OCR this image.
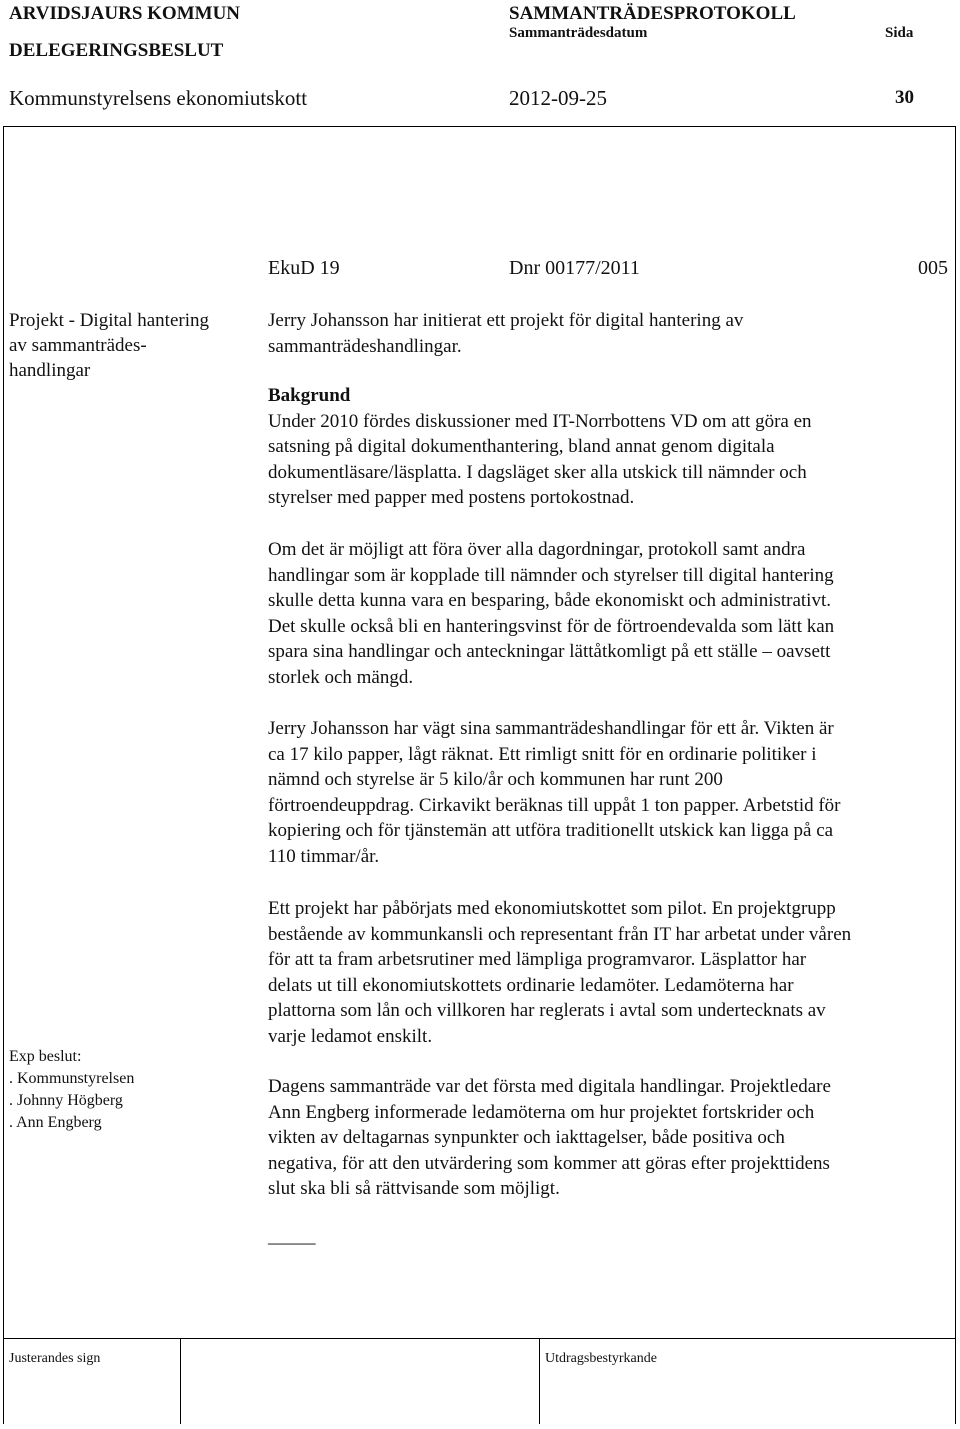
ARVIDSJAURS KOMMUN	SAMMANTRÄDESPROTOKOLL
DELEGERINGSBESLUT
Sammanträdesdatum	Sida
Kommunstyrelsens ekonomiutskott	2012-09-25	30
EkuD 19	Dnr 00177/2011	005
Projekt - Digital hantering
av sammanträdes-
handlingar
Exp beslut:
. Kommunstyrelsen
. Johnny Högberg
. Ann Engberg
Jerry Johansson har initierat ett projekt för digital hantering av
sammanträdeshandlingar.
Bakgrund
Under 2010 fördes diskussioner med IT-Norrbottens VD om att göra en
satsning på digital dokumenthantering, bland annat genom digitala
dokumentläsare/läsplatta. I dagsläget sker alla utskick till nämnder och
styrelser med papper med postens portokostnad.
Om det är möjligt att föra över alla dagordningar, protokoll samt andra
handlingar som är kopplade till nämnder och styrelser till digital hantering
skulle detta kunna vara en besparing, både ekonomiskt och administrativt.
Det skulle också bli en hanteringsvinst för de förtroendevalda som lätt kan
spara sina handlingar och anteckningar lättåtkomligt på ett ställe – oavsett
storlek och mängd.
Jerry Johansson har vägt sina sammanträdeshandlingar för ett år. Vikten är
ca 17 kilo papper, lågt räknat. Ett rimligt snitt för en ordinarie politiker i
nämnd och styrelse är 5 kilo/år och kommunen har runt 200
förtroendeuppdrag. Cirkavikt beräknas till uppåt 1 ton papper. Arbetstid för
kopiering och för tjänstemän att utföra traditionellt utskick kan ligga på ca
110 timmar/år.
Ett projekt har påbörjats med ekonomiutskottet som pilot. En projektgrupp
bestående av kommunkansli och representant från IT har arbetat under våren
för att ta fram arbetsrutiner med lämpliga programvaror. Läsplattor har
delats ut till ekonomiutskottets ordinarie ledamöter. Ledamöterna har
plattorna som lån och villkoren har reglerats i avtal som undertecknats av
varje ledamot enskilt.
Dagens sammanträde var det första med digitala handlingar. Projektledare
Ann Engberg informerade ledamöterna om hur projektet fortskrider och
vikten av deltagarnas synpunkter och iakttagelser, både positiva och
negativa, för att den utvärdering som kommer att göras efter projekttidens
slut ska bli så rättvisande som möjligt.
_____
Justerandes sign	Utdragsbestyrkande
